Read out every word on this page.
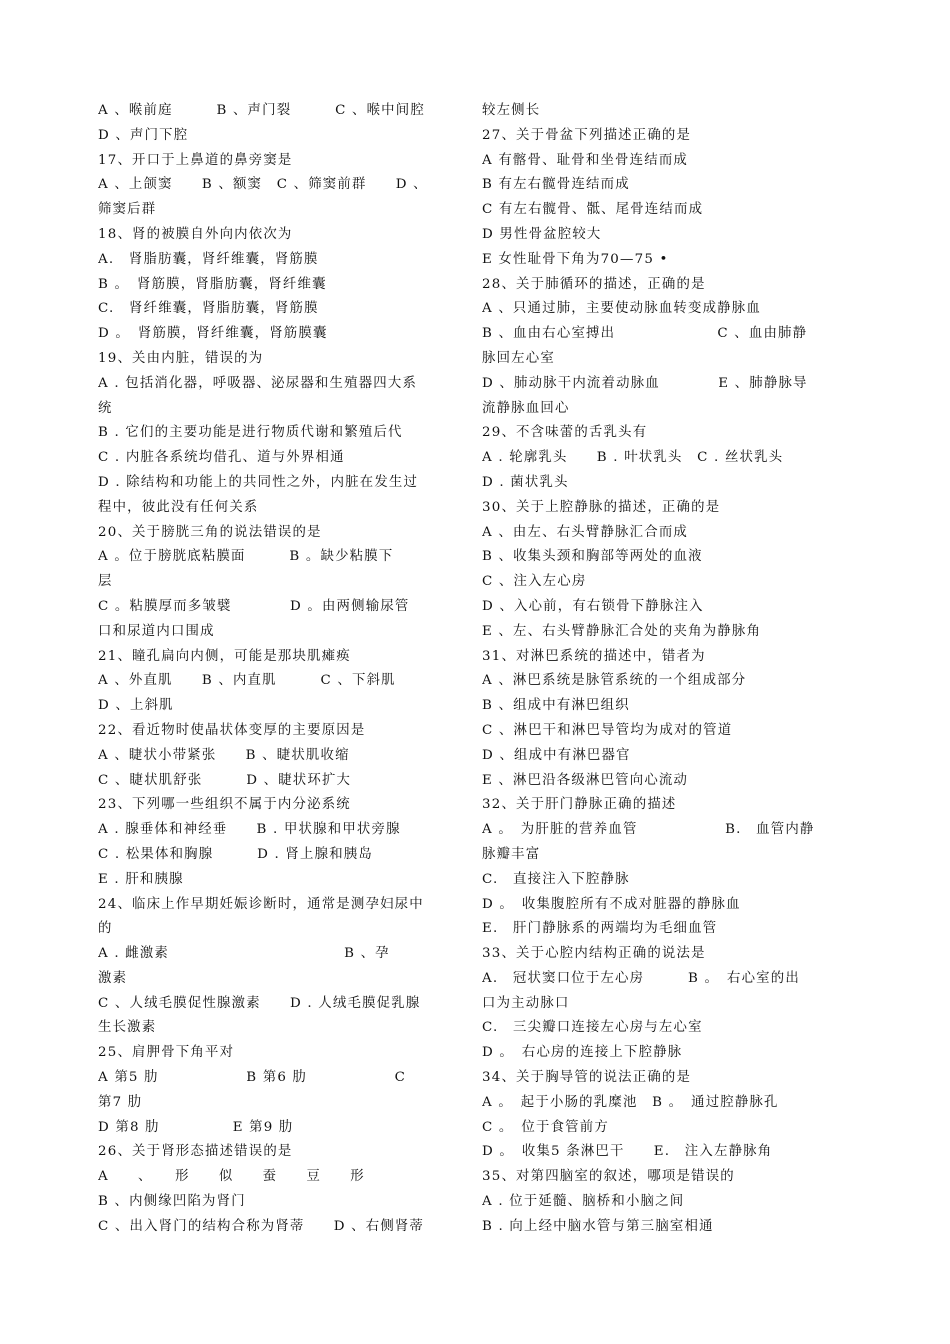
A 、喉前庭　　　B 、声门裂　　　C 、喉中间腔
D 、声门下腔
17、开口于上鼻道的鼻旁窦是
A 、上颌窦　　B 、额窦　C 、筛窦前群　　D 、
筛窦后群
18、肾的被膜自外向内依次为
A.　肾脂肪囊，肾纤维囊，肾筋膜
B 。　肾筋膜，肾脂肪囊，肾纤维囊
C.　肾纤维囊，肾脂肪囊，肾筋膜
D 。　肾筋膜，肾纤维囊，肾筋膜囊
19、关由内脏，错误的为
A . 包括消化器，呼吸器、泌尿器和生殖器四大系
统
B . 它们的主要功能是进行物质代谢和繁殖后代
C . 内脏各系统均借孔、道与外界相通
D . 除结构和功能上的共同性之外，内脏在发生过
程中，彼此没有任何关系
20、关于膀胱三角的说法错误的是
A 。位于膀胱底粘膜面　　　B 。缺少粘膜下
层
C 。粘膜厚而多皱襞　　　　D 。由两侧输尿管
口和尿道内口围成
21、瞳孔扁向内侧，可能是那块肌瘫痪
A 、外直肌　　B 、内直肌　　　C 、下斜肌
D 、上斜肌
22、看近物时使晶状体变厚的主要原因是
A 、睫状小带紧张　　B 、睫状肌收缩
C 、睫状肌舒张　　　D 、睫状环扩大
23、下列哪一些组织不属于内分泌系统
A . 腺垂体和神经垂　　B . 甲状腺和甲状旁腺
C . 松果体和胸腺　　　D . 肾上腺和胰岛
E . 肝和胰腺
24、临床上作早期妊娠诊断时，通常是测孕妇尿中
的
A . 雌激素　　　　　　　　　　　　B 、孕
激素
C 、人绒毛膜促性腺激素　　D . 人绒毛膜促乳腺
生长激素
25、肩胛骨下角平对
A 第5 肋　　　　　　B 第6 肋　　　　　　C
第7 肋
D 第8 肋　　　　　E 第9 肋
26、关于肾形态描述错误的是
A　　、　　形　　似　　蚕　　豆　　形
B 、内侧缘凹陷为肾门
C 、出入肾门的结构合称为肾蒂　　D 、右侧肾蒂
较左侧长
27、关于骨盆下列描述正确的是
A 有髂骨、耻骨和坐骨连结而成
B 有左右髋骨连结而成
C 有左右髋骨、骶、尾骨连结而成
D 男性骨盆腔较大
E 女性耻骨下角为70—75 •
28、关于肺循环的描述，正确的是
A 、只通过肺，主要使动脉血转变成静脉血
B 、血由右心室搏出　　　　　　　C 、血由肺静
脉回左心室
D 、肺动脉干内流着动脉血　　　　E 、肺静脉导
流静脉血回心
29、不含味蕾的舌乳头有
A . 轮廓乳头　　B . 叶状乳头　C . 丝状乳头
D . 菌状乳头
30、关于上腔静脉的描述，正确的是
A 、由左、右头臂静脉汇合而成
B 、收集头颈和胸部等两处的血液
C 、注入左心房
D 、入心前，有右锁骨下静脉注入
E 、左、右头臂静脉汇合处的夹角为静脉角
31、对淋巴系统的描述中，错者为
A 、淋巴系统是脉管系统的一个组成部分
B 、组成中有淋巴组织
C 、淋巴干和淋巴导管均为成对的管道
D 、组成中有淋巴器官
E 、淋巴沿各级淋巴管向心流动
32、关于肝门静脉正确的描述
A 。　为肝脏的营养血管　　　　　　B.　血管内静
脉瓣丰富
C.　直接注入下腔静脉
D 。　收集腹腔所有不成对脏器的静脉血
E.　肝门静脉系的两端均为毛细血管
33、关于心腔内结构正确的说法是
A.　冠状窦口位于左心房　　　B 。　右心室的出
口为主动脉口
C.　三尖瓣口连接左心房与左心室
D 。　右心房的连接上下腔静脉
34、关于胸导管的说法正确的是
A 。　起于小肠的乳糜池　B 。　通过腔静脉孔
C 。　位于食管前方
D 。　收集5 条淋巴干　　E.　注入左静脉角
35、对第四脑室的叙述，哪项是错误的
A . 位于延髓、脑桥和小脑之间
B . 向上经中脑水管与第三脑室相通
